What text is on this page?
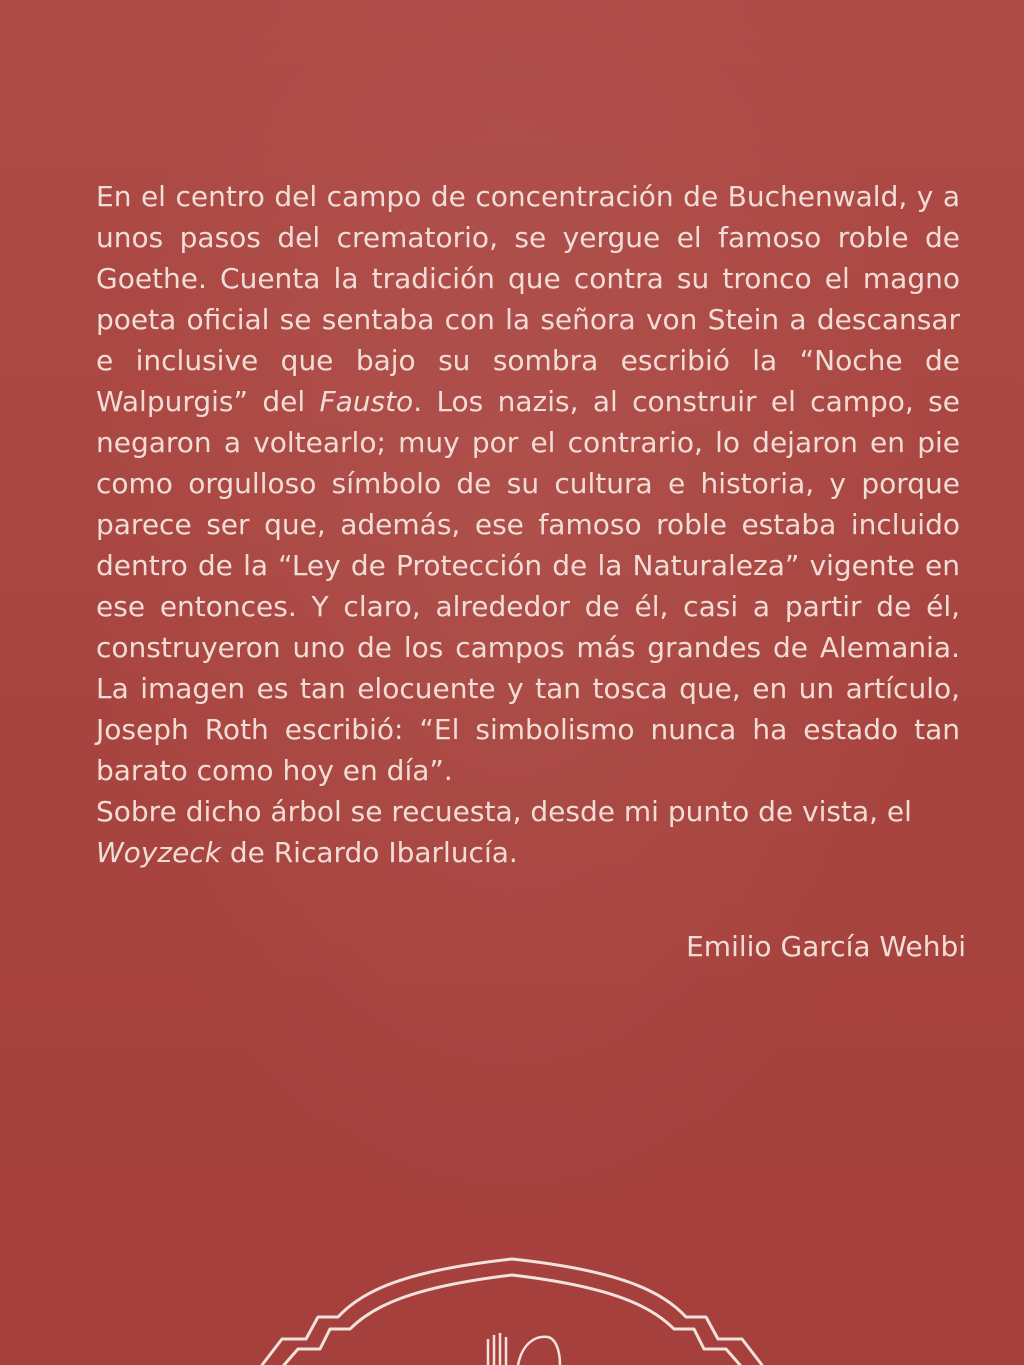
En el centro del campo de concentración de Buchenwald, y a unos pasos del crematorio, se yergue el famoso roble de Goethe. Cuenta la tradición que contra su tronco el magno poeta oficial se sentaba con la señora von Stein a descansar e inclusive que bajo su sombra escribió la “Noche de Walpurgis” del Fausto. Los nazis, al construir el campo, se negaron a voltearlo; muy por el contrario, lo dejaron en pie como orgulloso símbolo de su cultura e historia, y porque parece ser que, además, ese famoso roble estaba incluido dentro de la “Ley de Protección de la Naturaleza” vigente en ese entonces. Y claro, alrededor de él, casi a partir de él, construyeron uno de los campos más grandes de Alemania. La imagen es tan elocuente y tan tosca que, en un artículo, Joseph Roth escribió: “El simbolismo nunca ha estado tan barato como hoy en día”.

Sobre dicho árbol se recuesta, desde mi punto de vista, el Woyzeck de Ricardo Ibarlucía.

Emilio García Wehbi
